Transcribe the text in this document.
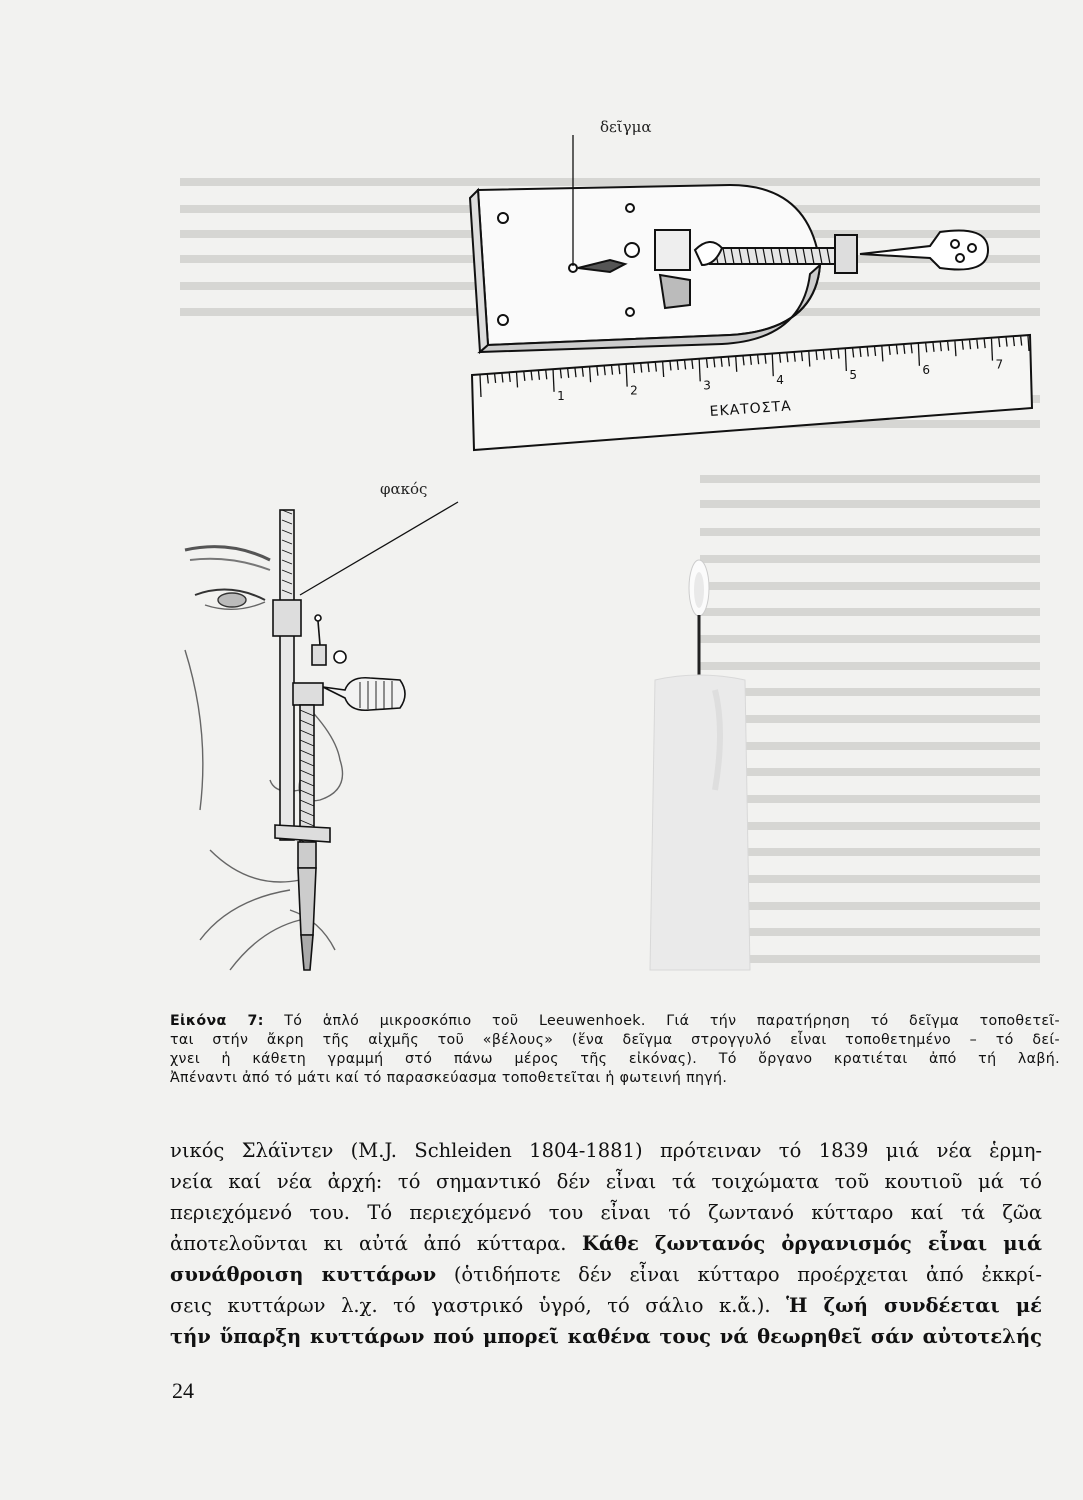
ΕΚΑΤΟΣΤΑ
1	2	3	4	5	6	7
δεῖγμα
φακός
Εἰκόνα 7: Τό ἁπλό μικροσκόπιο τοῦ Leeuwenhoek. Γιά τήν παρατήρηση τό δεῖγμα τοποθετεῖ-
ται στήν ἄκρη τῆς αἰχμῆς τοῦ «βέλους» (ἕνα δεῖγμα στρογγυλό εἶναι τοποθετημένο – τό δεί-
χνει ἡ κάθετη γραμμή στό πάνω μέρος τῆς εἰκόνας). Τό ὄργανο κρατιέται ἀπό τή λαβή.
Ἀπέναντι ἀπό τό μάτι καί τό παρασκεύασμα τοποθετεῖται ἡ φωτεινή πηγή.
νικός Σλάϊντεν (M.J. Schleiden 1804-1881) πρότειναν τό 1839 μιά νέα ἑρμη-
νεία καί νέα ἀρχή: τό σημαντικό δέν εἶναι τά τοιχώματα τοῦ κουτιοῦ μά τό
περιεχόμενό του. Τό περιεχόμενό του εἶναι τό ζωντανό κύτταρο καί τά ζῶα
ἀποτελοῦνται κι αὐτά ἀπό κύτταρα. Κάθε ζωντανός ὀργανισμός εἶναι μιά
συνάθροιση κυττάρων (ὁτιδήποτε δέν εἶναι κύτταρο προέρχεται ἀπό ἐκκρί-
σεις κυττάρων λ.χ. τό γαστρικό ὑγρό, τό σάλιο κ.ἄ.). Ἡ ζωή συνδέεται μέ
τήν ὕπαρξη κυττάρων πού μπορεῖ καθένα τους νά θεωρηθεῖ σάν αὐτοτελής
24
